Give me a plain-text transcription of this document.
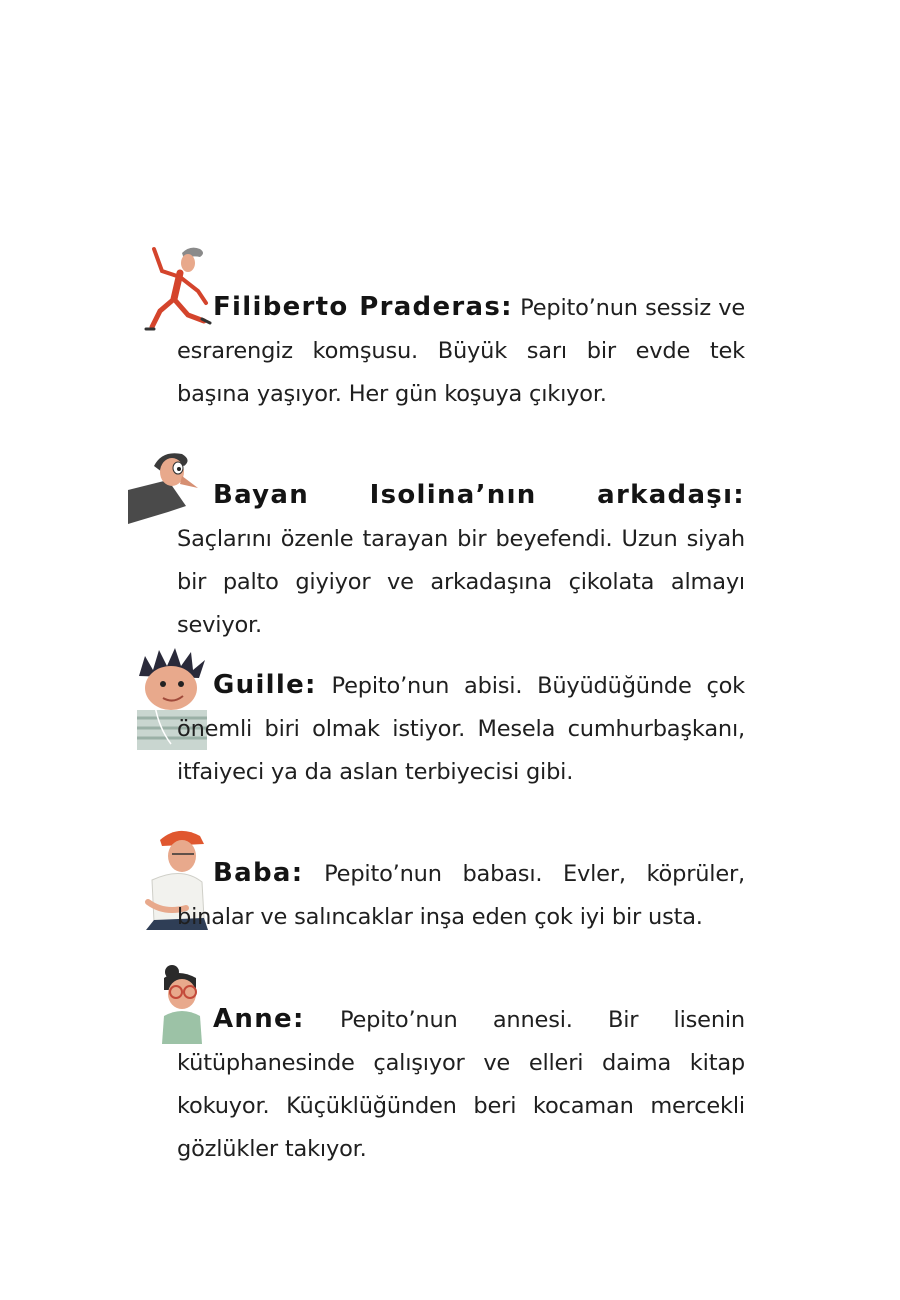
Filiberto Praderas: Pepito’nun sessiz ve esrarengiz komşusu. Büyük sarı bir evde tek başına yaşıyor. Her gün koşuya çıkıyor.
Bayan Isolina’nın arkadaşı: Saçlarını özenle tarayan bir beyefendi. Uzun siyah bir palto giyiyor ve arkadaşına çikolata almayı seviyor.
Guille: Pepito’nun abisi. Büyüdüğünde çok önemli biri olmak istiyor. Mesela cumhurbaşkanı, itfaiyeci ya da aslan terbiyecisi gibi.
Baba: Pepito’nun babası. Evler, köprüler, binalar ve salıncaklar inşa eden çok iyi bir usta.
Anne: Pepito’nun annesi. Bir lisenin kütüphanesinde çalışıyor ve elleri daima kitap kokuyor. Küçüklüğünden beri kocaman mercekli gözlükler takıyor.
